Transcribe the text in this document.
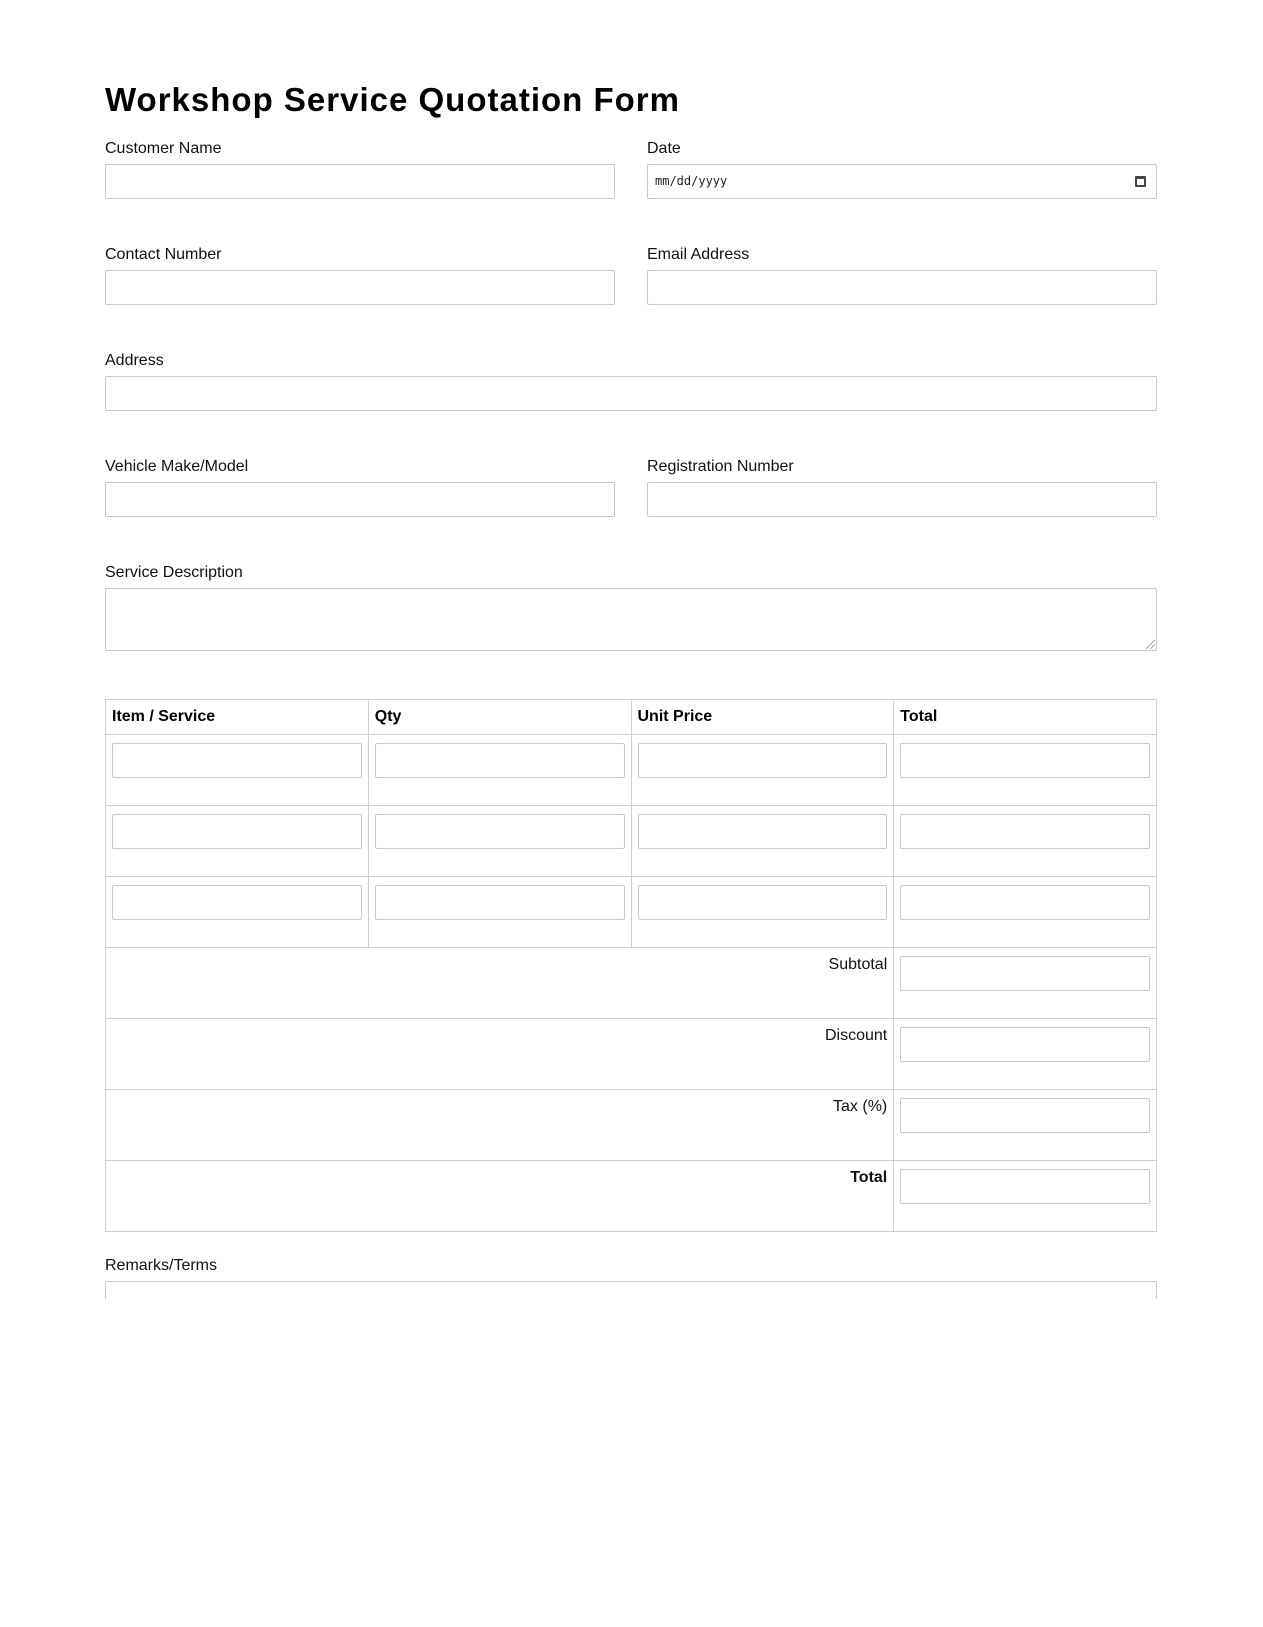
Workshop Service Quotation Form
Customer Name	Date
mm/dd/yyyy
Contact Number	Email Address
Address
Vehicle Make/Model	Registration Number
Service Description
Item / Service	Qty	Unit Price	Total

Subtotal			

Discount			

Tax (%)			

Total			
Remarks/Terms
